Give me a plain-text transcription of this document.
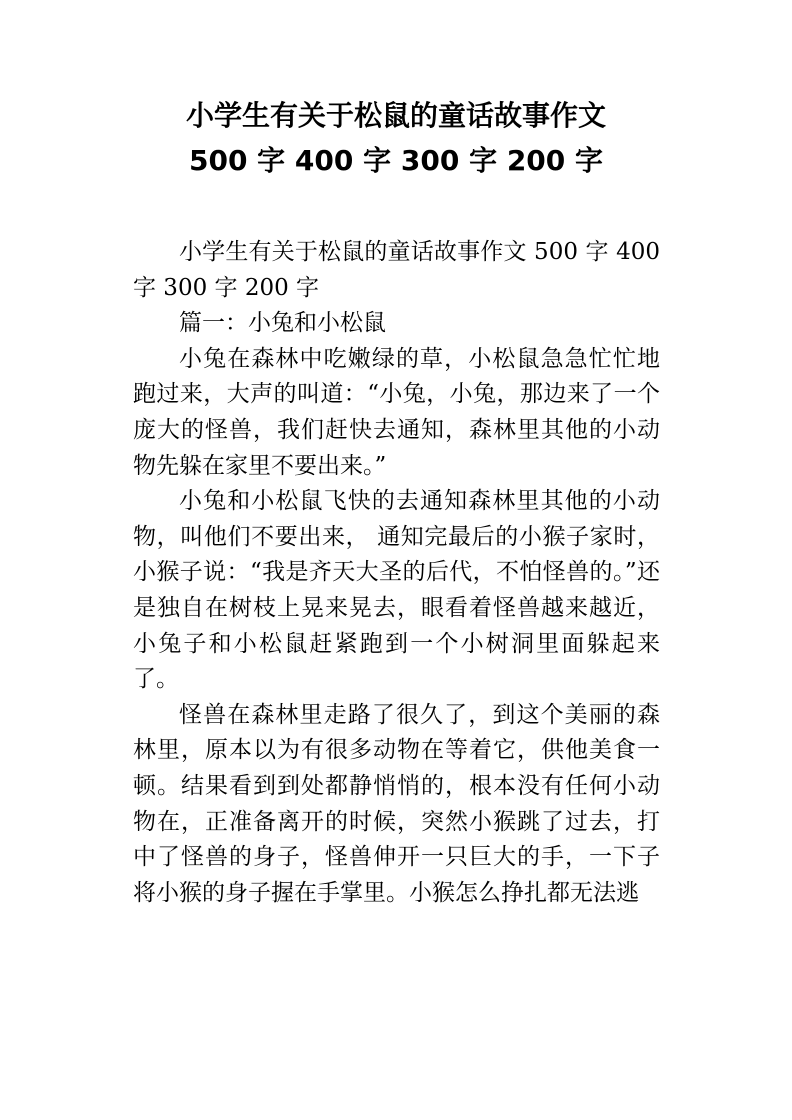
小学生有关于松鼠的童话故事作文
500 字 400 字 300 字 200 字

小学生有关于松鼠的童话故事作文 500 字 400 字 300 字 200 字

篇一：小兔和小松鼠

小兔在森林中吃嫩绿的草，小松鼠急急忙忙地跑过来，大声的叫道：“小兔，小兔，那边来了一个庞大的怪兽，我们赶快去通知，森林里其他的小动物先躲在家里不要出来。”

小兔和小松鼠飞快的去通知森林里其他的小动物，叫他们不要出来， 通知完最后的小猴子家时，小猴子说：“我是齐天大圣的后代，不怕怪兽的。”还是独自在树枝上晃来晃去，眼看着怪兽越来越近，小兔子和小松鼠赶紧跑到一个小树洞里面躲起来了。

怪兽在森林里走路了很久了，到这个美丽的森林里，原本以为有很多动物在等着它，供他美食一顿。结果看到到处都静悄悄的，根本没有任何小动物在，正准备离开的时候，突然小猴跳了过去，打中了怪兽的身子，怪兽伸开一只巨大的手，一下子将小猴的身子握在手掌里。小猴怎么挣扎都无法逃
